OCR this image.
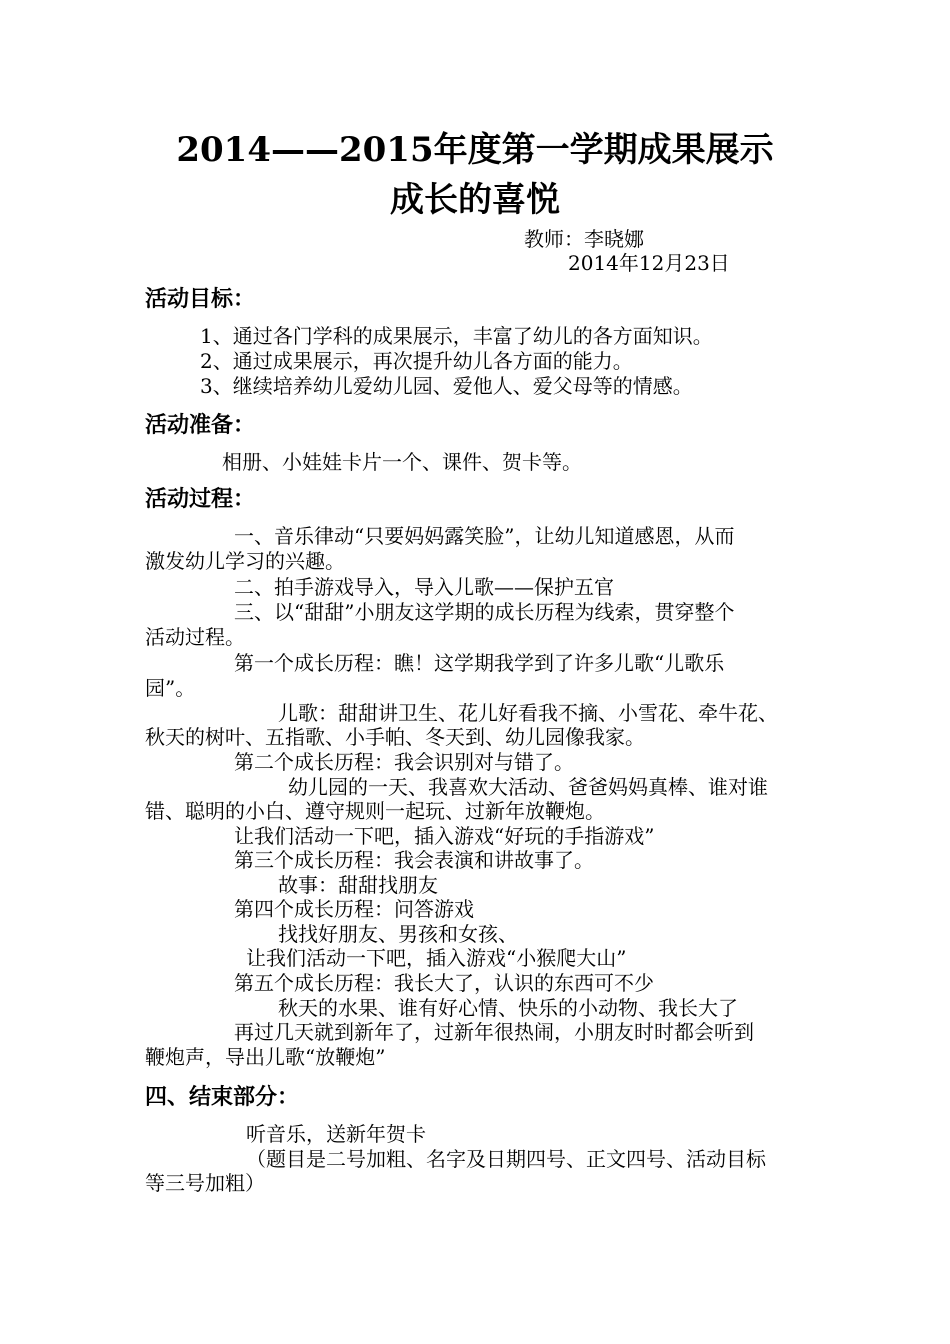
2014——2015年度第一学期成果展示
成长的喜悦
教师：李晓娜
2014年12月23日
活动目标：
1、通过各门学科的成果展示，丰富了幼儿的各方面知识。
2、通过成果展示，再次提升幼儿各方面的能力。
3、继续培养幼儿爱幼儿园、爱他人、爱父母等的情感。
活动准备：
相册、小娃娃卡片一个、课件、贺卡等。
活动过程：
一、音乐律动“只要妈妈露笑脸”，让幼儿知道感恩，从而
激发幼儿学习的兴趣。
二、拍手游戏导入，导入儿歌——保护五官
三、以“甜甜”小朋友这学期的成长历程为线索，贯穿整个
活动过程。
第一个成长历程：瞧！这学期我学到了许多儿歌“儿歌乐
园”。
儿歌：甜甜讲卫生、花儿好看我不摘、小雪花、牵牛花、
秋天的树叶、五指歌、小手帕、冬天到、幼儿园像我家。
第二个成长历程：我会识别对与错了。
幼儿园的一天、我喜欢大活动、爸爸妈妈真棒、谁对谁
错、聪明的小白、遵守规则一起玩、过新年放鞭炮。
让我们活动一下吧，插入游戏“好玩的手指游戏”
第三个成长历程：我会表演和讲故事了。
故事：甜甜找朋友
第四个成长历程：问答游戏
找找好朋友、男孩和女孩、
让我们活动一下吧，插入游戏“小猴爬大山”
第五个成长历程：我长大了，认识的东西可不少
秋天的水果、谁有好心情、快乐的小动物、我长大了
再过几天就到新年了，过新年很热闹，小朋友时时都会听到
鞭炮声，导出儿歌“放鞭炮”
四、结束部分：
听音乐，送新年贺卡
（题目是二号加粗、名字及日期四号、正文四号、活动目标
等三号加粗）
